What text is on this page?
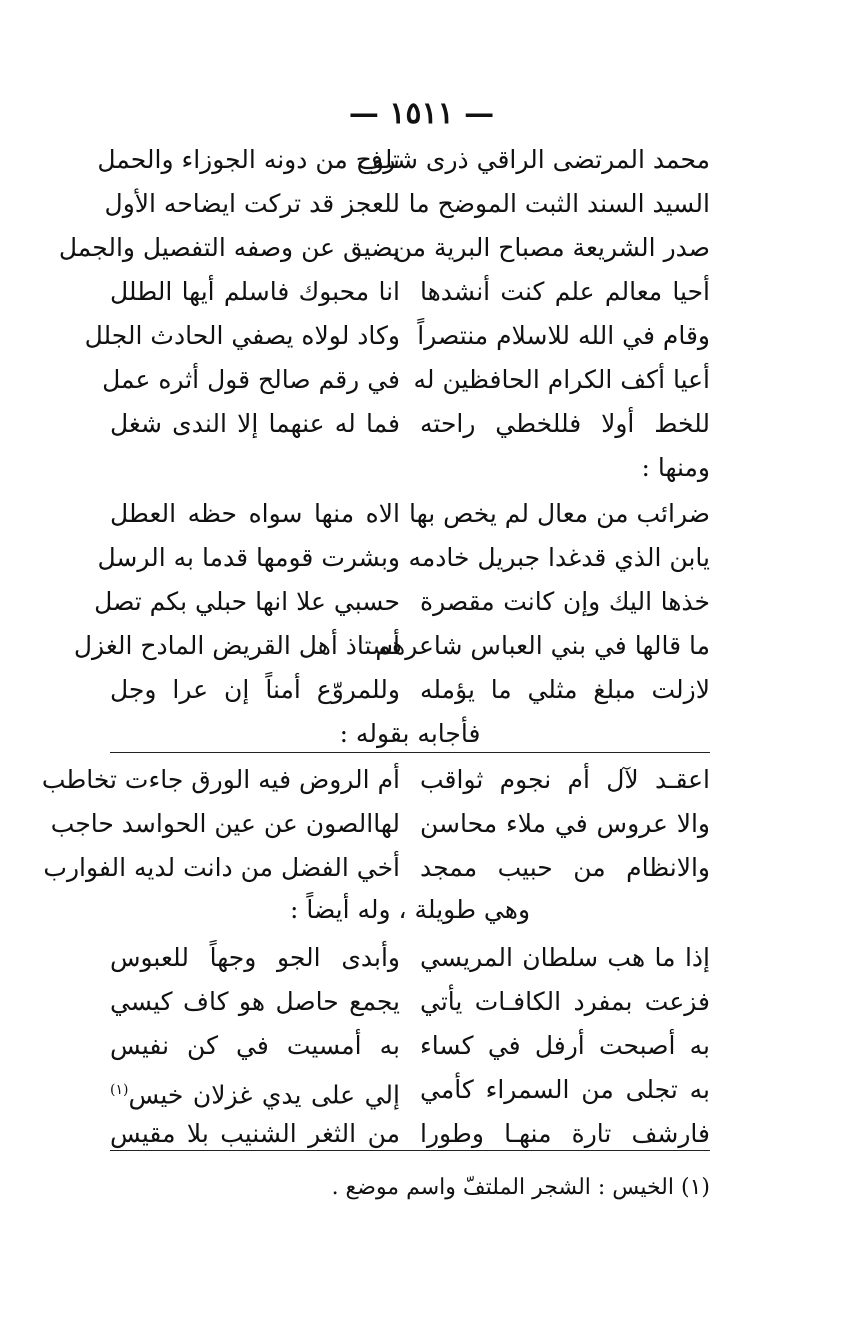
— ١٥١١ —
محمد المرتضى الراقي ذرى شرف
تلوح من دونه الجوزاء والحمل
السيد السند الثبت الموضح ما
للعجز قد تركت ايضاحه الأول
صدر الشريعة مصباح البرية من
يضيق عن وصفه التفصيل والجمل
أحيا معالم علم كنت أنشدها
انا محبوك فاسلم أيها الطلل
وقام في الله للاسلام منتصراً
وكاد لولاه يصفي الحادث الجلل
أعيا أكف الكرام الحافظين له
في رقم صالح قول أثره عمل
للخط أولا فللخطي راحته
فما له عنهما إلا الندى شغل
ومنها :
ضرائب من معال لم يخص بها
الاه منها سواه حظه العطل
يابن الذي قدغدا جبريل خادمه
وبشرت قومها قدما به الرسل
خذها اليك وإن كانت مقصرة
حسبي علا انها حبلي بكم تصل
ما قالها في بني العباس شاعرهم
أستاذ أهل القريض المادح الغزل
لازلت مبلغ مثلي ما يؤمله
وللمروّع أمناً إن عرا وجل
فأجابه بقوله :
اعقـد لآل أم نجوم ثواقب
أم الروض فيه الورق جاءت تخاطب
والا عروس في ملاء محاسن
لهاالصون عن عين الحواسد حاجب
والانظام من حبيب ممجد
أخي الفضل من دانت لديه الفوارب
وهي طويلة ، وله أيضاً :
إذا ما هب سلطان المريسي
وأبدى الجو وجهاً للعبوس
فزعت بمفرد الكافـات يأتي
يجمع حاصل هو كاف كيسي
به أصبحت أرفل في كساء
به أمسيت في كن نفيس
به تجلى من السمراء كأمي
إلي على يدي غزلان خيس$^{(١)}$
فارشف تارة منهـا وطورا
من الثغر الشنيب بلا مقيس
(١) الخيس : الشجر الملتفّ واسم موضع .
